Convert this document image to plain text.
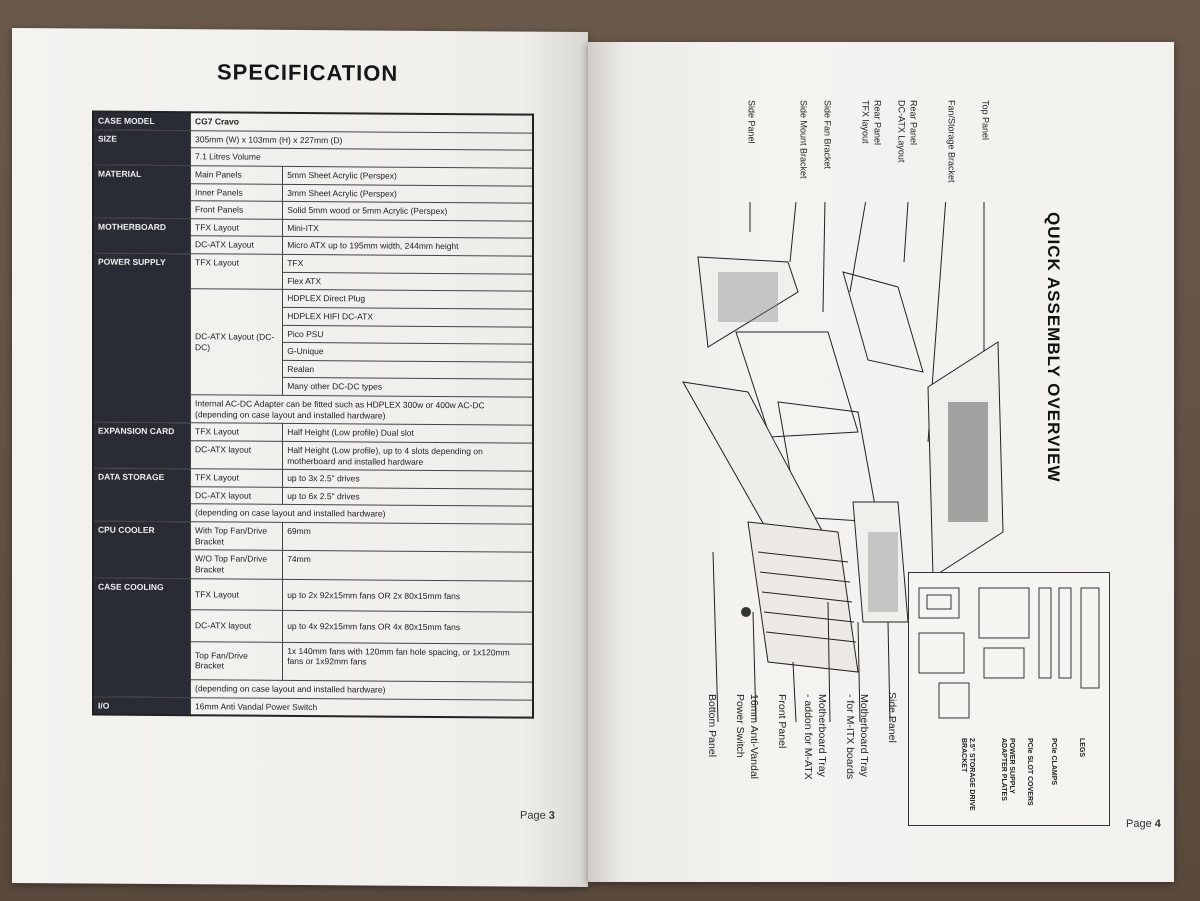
SPECIFICATION
CASE MODEL	CG7 Cravo	
SIZE	305mm (W) x 103mm (H) x 227mm (D)	
	7.1 Litres Volume	
MATERIAL	Main Panels	5mm Sheet Acrylic (Perspex)
	Inner Panels	3mm Sheet Acrylic (Perspex)
	Front Panels	Solid 5mm wood or 5mm Acrylic (Perspex)
MOTHERBOARD	TFX Layout	Mini-ITX
	DC-ATX Layout	Micro ATX up to 195mm width, 244mm height
POWER SUPPLY	TFX Layout	TFX
		Flex ATX
	DC-ATX Layout (DC-DC)	HDPLEX Direct Plug
		HDPLEX HIFI DC-ATX
		Pico PSU
		G-Unique
		Realan
		Many other DC-DC types
	Internal AC-DC Adapter can be fitted such as HDPLEX 300w or 400w AC-DC (depending on case layout and installed hardware)	
EXPANSION CARD	TFX Layout	Half Height (Low profile) Dual slot
	DC-ATX layout	Half Height (Low profile), up to 4 slots depending on motherboard and installed hardware
DATA STORAGE	TFX Layout	up to 3x 2.5" drives
	DC-ATX layout	up to 6x 2.5" drives
	(depending on case layout and installed hardware)	
CPU COOLER	With Top Fan/Drive Bracket	69mm
	W/O Top Fan/Drive Bracket	74mm
CASE COOLING	TFX Layout	up to 2x 92x15mm fans OR 2x 80x15mm fans
	DC-ATX layout	up to 4x 92x15mm fans OR 4x 80x15mm fans
	Top Fan/Drive Bracket	1x 140mm fans with 120mm fan hole spacing, or 1x120mm fans or 1x92mm fans
	(depending on case layout and installed hardware)	
I/O	16mm Anti Vandal Power Switch	
Page 3
QUICK ASSEMBLY OVERVIEW
Top Panel
Fan/Storage Bracket
Rear Panel
DC-ATX Layout
Rear Panel
TFX layout
Side Fan Bracket
Side Mount Bracket
Side Panel
Side Panel
Motherboard Tray
- for M-ITX boards
Motherboard Tray
- addon for M-ATX
Front Panel
16mm Anti-Vandal
Power Switch
Bottom Panel	LEGS
PCIe CLAMPS
PCIe SLOT COVERS
POWER SUPPLY ADAPTER PLATES
2.5" STORAGE DRIVE BRACKET
Page 4
